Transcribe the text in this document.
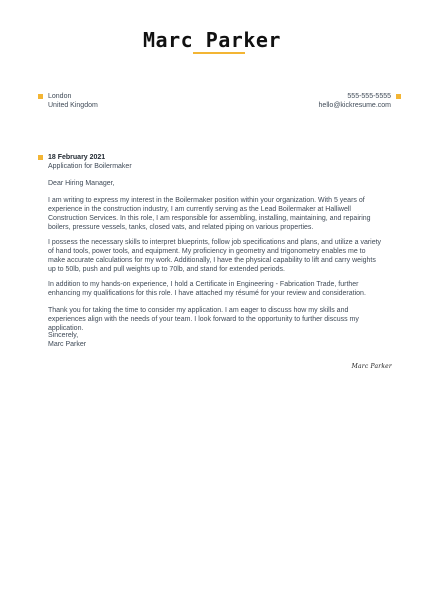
Marc Parker
London
United Kingdom
555-555-5555
hello@kickresume.com
18 February 2021
Application for Boilermaker
Dear Hiring Manager,

I am writing to express my interest in the Boilermaker position within your organization. With 5 years of experience in the construction industry, I am currently serving as the Lead Boilermaker at Halliwell Construction Services. In this role, I am responsible for assembling, installing, maintaining, and repairing boilers, pressure vessels, tanks, closed vats, and related piping on various properties.

I possess the necessary skills to interpret blueprints, follow job specifications and plans, and utilize a variety of hand tools, power tools, and equipment. My proficiency in geometry and trigonometry enables me to make accurate calculations for my work. Additionally, I have the physical capability to lift and carry weights up to 50lb, push and pull weights up to 70lb, and stand for extended periods.

In addition to my hands-on experience, I hold a Certificate in Engineering - Fabrication Trade, further enhancing my qualifications for this role. I have attached my résumé for your review and consideration.

Thank you for taking the time to consider my application. I am eager to discuss how my skills and experiences align with the needs of your team. I look forward to the opportunity to further discuss my application.

Sincerely,
Marc Parker
Marc Parker
